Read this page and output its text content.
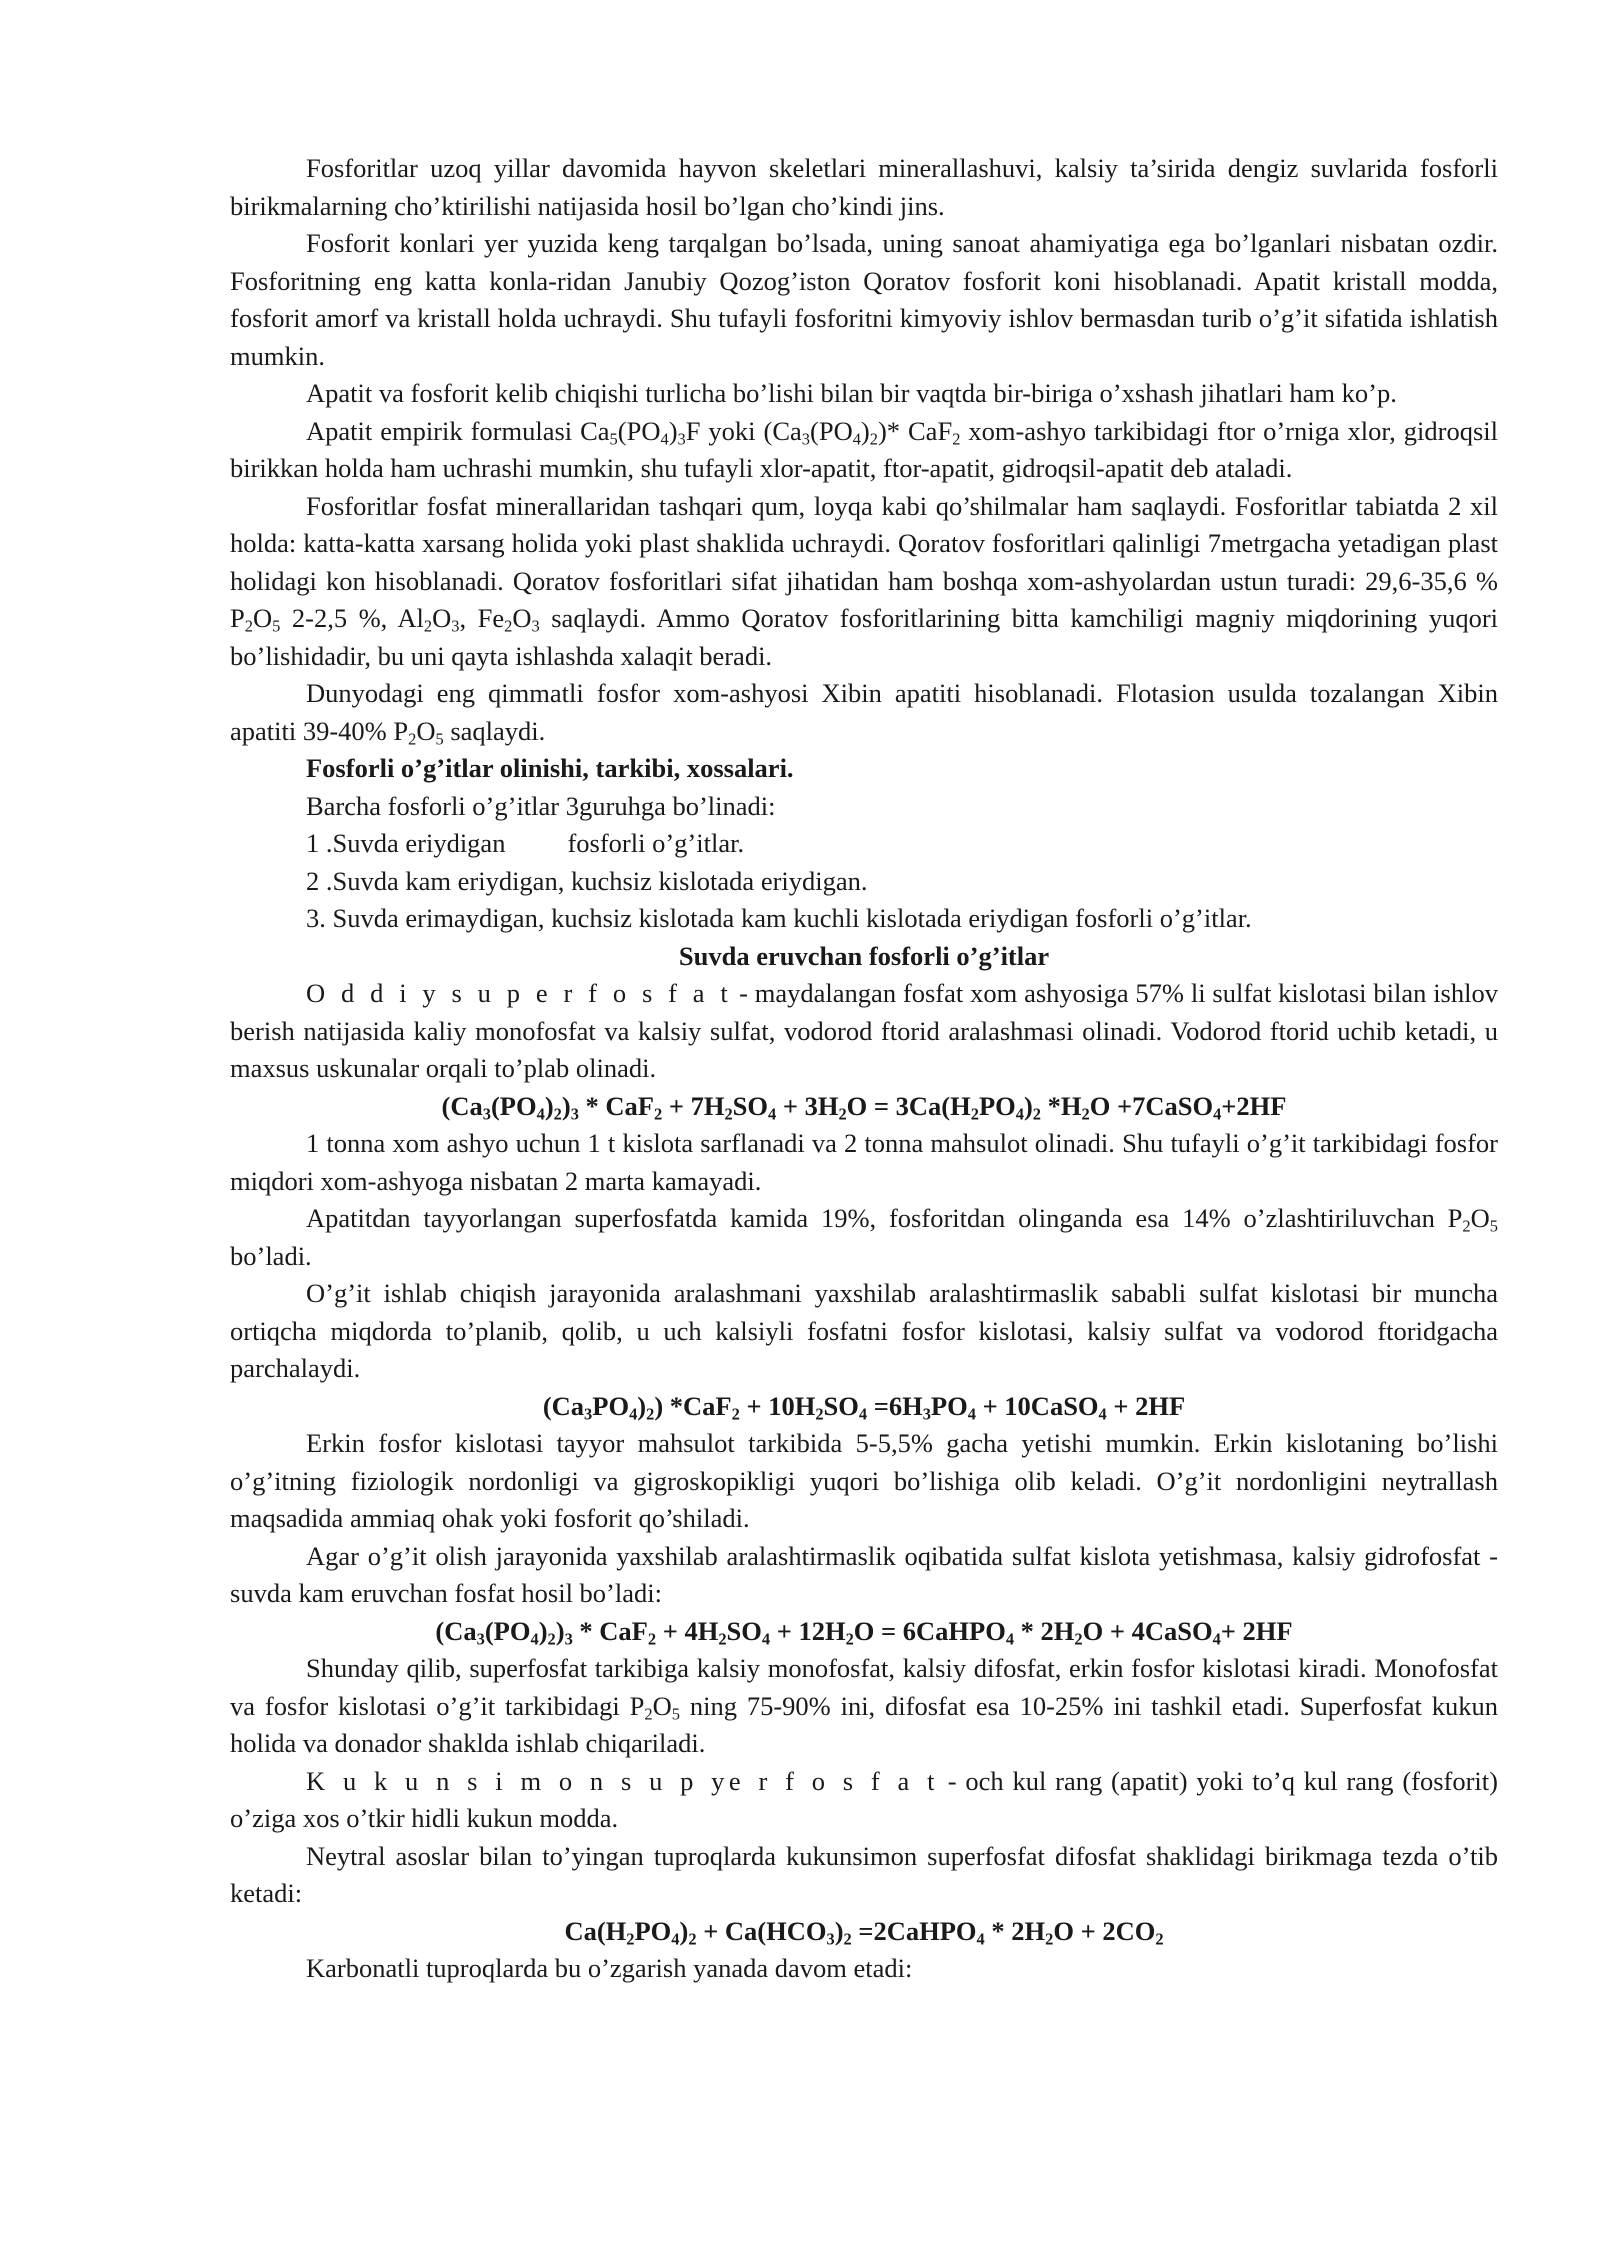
Fosforitlar uzoq yillar davomida hayvon skeletlari minerallashuvi, kalsiy ta’sirida dengiz suvlarida fosforli birikmalarning cho’ktirilishi natijasida hosil bo’lgan cho’kindi jins.

Fosforit konlari yer yuzida keng tarqalgan bo’lsada, uning sanoat ahamiyatiga ega bo’lganlari nisbatan ozdir. Fosforitning eng katta konla-ridan Janubiy Qozog’iston Qoratov fosforit koni hisoblanadi. Apatit kristall modda, fosforit amorf va kristall holda uchraydi. Shu tufayli fosforitni kimyoviy ishlov bermasdan turib o’g’it sifatida ishlatish mumkin.

Apatit va fosforit kelib chiqishi turlicha bo’lishi bilan bir vaqtda bir-biriga o’xshash jihatlari ham ko’p.

Apatit empirik formulasi $Ca_5(PO_4)_3F$ yoki $(Ca_3(PO_4)_2)*$ CaF$_2$ xom-ashyo tarkibidagi ftor o’rniga xlor, gidroqsil birikkan holda ham uchrashi mumkin, shu tufayli xlor-apatit, ftor-apatit, gidroqsil-apatit deb ataladi.

Fosforitlar fosfat minerallaridan tashqari qum, loyqa kabi qo’shilmalar ham saqlaydi. Fosforitlar tabiatda 2 xil holda: katta-katta xarsang holida yoki plast shaklida uchraydi. Qoratov fosforitlari qalinligi 7metrgacha yetadigan plast holidagi kon hisoblanadi. Qoratov fosforitlari sifat jihatidan ham boshqa xom-ashyolardan ustun turadi: 29,6-35,6 % $P_2O_5$ 2-2,5 %, $Al_2O_3$, $Fe_2O_3$ saqlaydi. Ammo Qoratov fosforitlarining bitta kamchiligi magniy miqdorining yuqori bo’lishidadir, bu uni qayta ishlashda xalaqit beradi.

Dunyodagi eng qimmatli fosfor xom-ashyosi Xibin apatiti hisoblanadi. Flotasion usulda tozalangan Xibin apatiti 39-40% $P_2O_5$ saqlaydi.

Fosforli o’g’itlar olinishi, tarkibi, xossalari.

Barcha fosforli o’g’itlar 3guruhga bo’linadi:

1 .Suvda eriydigan fosforli o’g’itlar.

2 .Suvda kam eriydigan, kuchsiz kislotada eriydigan.

3. Suvda erimaydigan, kuchsiz kislotada kam kuchli kislotada eriydigan fosforli o’g’itlar.

Suvda eruvchan fosforli o’g’itlar

O d d i y s u p e r f o s f a t - maydalangan fosfat xom ashyosiga 57% li sulfat kislotasi bilan ishlov berish natijasida kaliy monofosfat va kalsiy sulfat, vodorod ftorid aralashmasi olinadi. Vodorod ftorid uchib ketadi, u maxsus uskunalar orqali to’plab olinadi.

$(Ca_3(PO_4)_2)_3 * CaF_2 + 7H_2SO_4 + 3H_2O = 3Ca(H_2PO_4)_2$ $*H_2O$ +7CaSO$_4$+2HF

1 tonna xom ashyo uchun 1 t kislota sarflanadi va 2 tonna mahsulot olinadi. Shu tufayli o’g’it tarkibidagi fosfor miqdori xom-ashyoga nisbatan 2 marta kamayadi.

Apatitdan tayyorlangan superfosfatda kamida 19%, fosforitdan olinganda esa 14% o’zlashtiriluvchan $P_2O_5$ bo’ladi.

O’g’it ishlab chiqish jarayonida aralashmani yaxshilab aralashtirmaslik sababli sulfat kislotasi bir muncha ortiqcha miqdorda to’planib, qolib, u uch kalsiyli fosfatni fosfor kislotasi, kalsiy sulfat va vodorod ftoridgacha parchalaydi.

$(Ca_3PO_4)_2$) $*CaF_2 + 10H_2SO_4 =6H_3PO_4$ + 10CaSO$_4$ + 2HF

Erkin fosfor kislotasi tayyor mahsulot tarkibida 5-5,5% gacha yetishi mumkin. Erkin kislotaning bo’lishi o’g’itning fiziologik nordonligi va gigroskopikligi yuqori bo’lishiga olib keladi. O’g’it nordonligini neytrallash maqsadida ammiaq ohak yoki fosforit qo’shiladi.

Agar o’g’it olish jarayonida yaxshilab aralashtirmaslik oqibatida sulfat kislota yetishmasa, kalsiy gidrofosfat - suvda kam eruvchan fosfat hosil bo’ladi:

$(Ca_3(PO_4)_2)_3 * CaF_2 + 4H_2SO_4 + 12H_2O$ = 6CaHPO$_4$ * $2H_2O$ + 4CaSO$_4$+ 2HF

Shunday qilib, superfosfat tarkibiga kalsiy monofosfat, kalsiy difosfat, erkin fosfor kislotasi kiradi. Monofosfat va fosfor kislotasi o’g’it tarkibidagi $P_2O_5$ ning 75-90% ini, difosfat esa 10-25% ini tashkil etadi. Superfosfat kukun holida va donador shaklda ishlab chiqariladi.

K u k u n s i m o n s u p ye r f o s f a t - och kul rang (apatit) yoki to’q kul rang (fosforit) o’ziga xos o’tkir hidli kukun modda.

Neytral asoslar bilan to’yingan tuproqlarda kukunsimon superfosfat difosfat shaklidagi birikmaga tezda o’tib ketadi:

$Ca(H_2PO_4)_2 + Ca(HCO_3)_2$ =2CaHPO$_4$ * $2H_2O + 2CO_2$

Karbonatli tuproqlarda bu o’zgarish yanada davom etadi:
